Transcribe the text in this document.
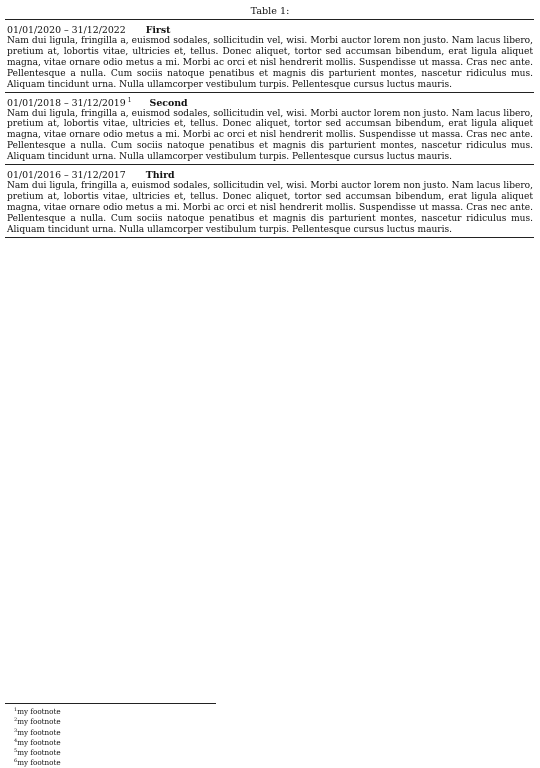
Table 1:
01/01/2020 – 31/12/2022 First
Nam dui ligula, fringilla a, euismod sodales, sollicitudin vel, wisi. Morbi auctor lorem non justo. Nam lacus libero, pretium at, lobortis vitae, ultricies et, tellus. Donec aliquet, tortor sed accumsan bibendum, erat ligula aliquet magna, vitae ornare odio metus a mi. Morbi ac orci et nisl hendrerit mollis. Suspendisse ut massa. Cras nec ante. Pellentesque a nulla. Cum sociis natoque penatibus et magnis dis parturient montes, nascetur ridiculus mus. Aliquam tincidunt urna. Nulla ullamcorper vestibulum turpis. Pellentesque cursus luctus mauris.
01/01/2018 – 31/12/2019 $^1$ Second
Nam dui ligula, fringilla a, euismod sodales, sollicitudin vel, wisi. Morbi auctor lorem non justo. Nam lacus libero, pretium at, lobortis vitae, ultricies et, tellus. Donec aliquet, tortor sed accumsan bibendum, erat ligula aliquet magna, vitae ornare odio metus a mi. Morbi ac orci et nisl hendrerit mollis. Suspendisse ut massa. Cras nec ante. Pellentesque a nulla. Cum sociis natoque penatibus et magnis dis parturient montes, nascetur ridiculus mus. Aliquam tincidunt urna. Nulla ullamcorper vestibulum turpis. Pellentesque cursus luctus mauris.
01/01/2016 – 31/12/2017 Third
Nam dui ligula, fringilla a, euismod sodales, sollicitudin vel, wisi. Morbi auctor lorem non justo. Nam lacus libero, pretium at, lobortis vitae, ultricies et, tellus. Donec aliquet, tortor sed accumsan bibendum, erat ligula aliquet magna, vitae ornare odio metus a mi. Morbi ac orci et nisl hendrerit mollis. Suspendisse ut massa. Cras nec ante. Pellentesque a nulla. Cum sociis natoque penatibus et magnis dis parturient montes, nascetur ridiculus mus. Aliquam tincidunt urna. Nulla ullamcorper vestibulum turpis. Pellentesque cursus luctus mauris.
$^1$my footnote
$^2$my footnote
$^3$my footnote
$^4$my footnote
$^5$my footnote
$^6$my footnote
